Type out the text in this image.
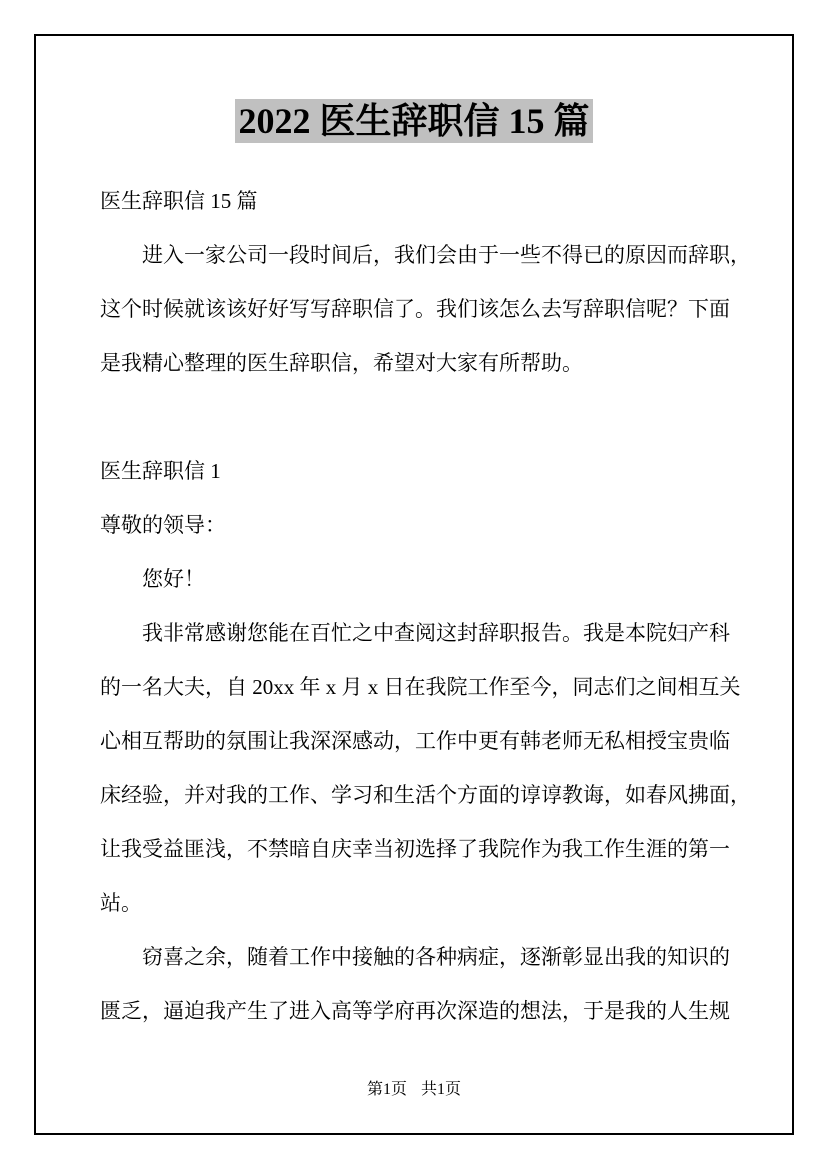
2022 医生辞职信 15 篇
医生辞职信 15 篇
　　进入一家公司一段时间后，我们会由于一些不得已的原因而辞职，
这个时候就该该好好写写辞职信了。我们该怎么去写辞职信呢？下面
是我精心整理的医生辞职信，希望对大家有所帮助。
医生辞职信 1
尊敬的领导：
　　您好！
　　我非常感谢您能在百忙之中查阅这封辞职报告。我是本院妇产科
的一名大夫，自 20xx 年 x 月 x 日在我院工作至今，同志们之间相互关
心相互帮助的氛围让我深深感动，工作中更有韩老师无私相授宝贵临
床经验，并对我的工作、学习和生活个方面的谆谆教诲，如春风拂面，
让我受益匪浅，不禁暗自庆幸当初选择了我院作为我工作生涯的第一
站。
　　窃喜之余，随着工作中接触的各种病症，逐渐彰显出我的知识的
匮乏，逼迫我产生了进入高等学府再次深造的想法，于是我的人生规
第1页 共1页
